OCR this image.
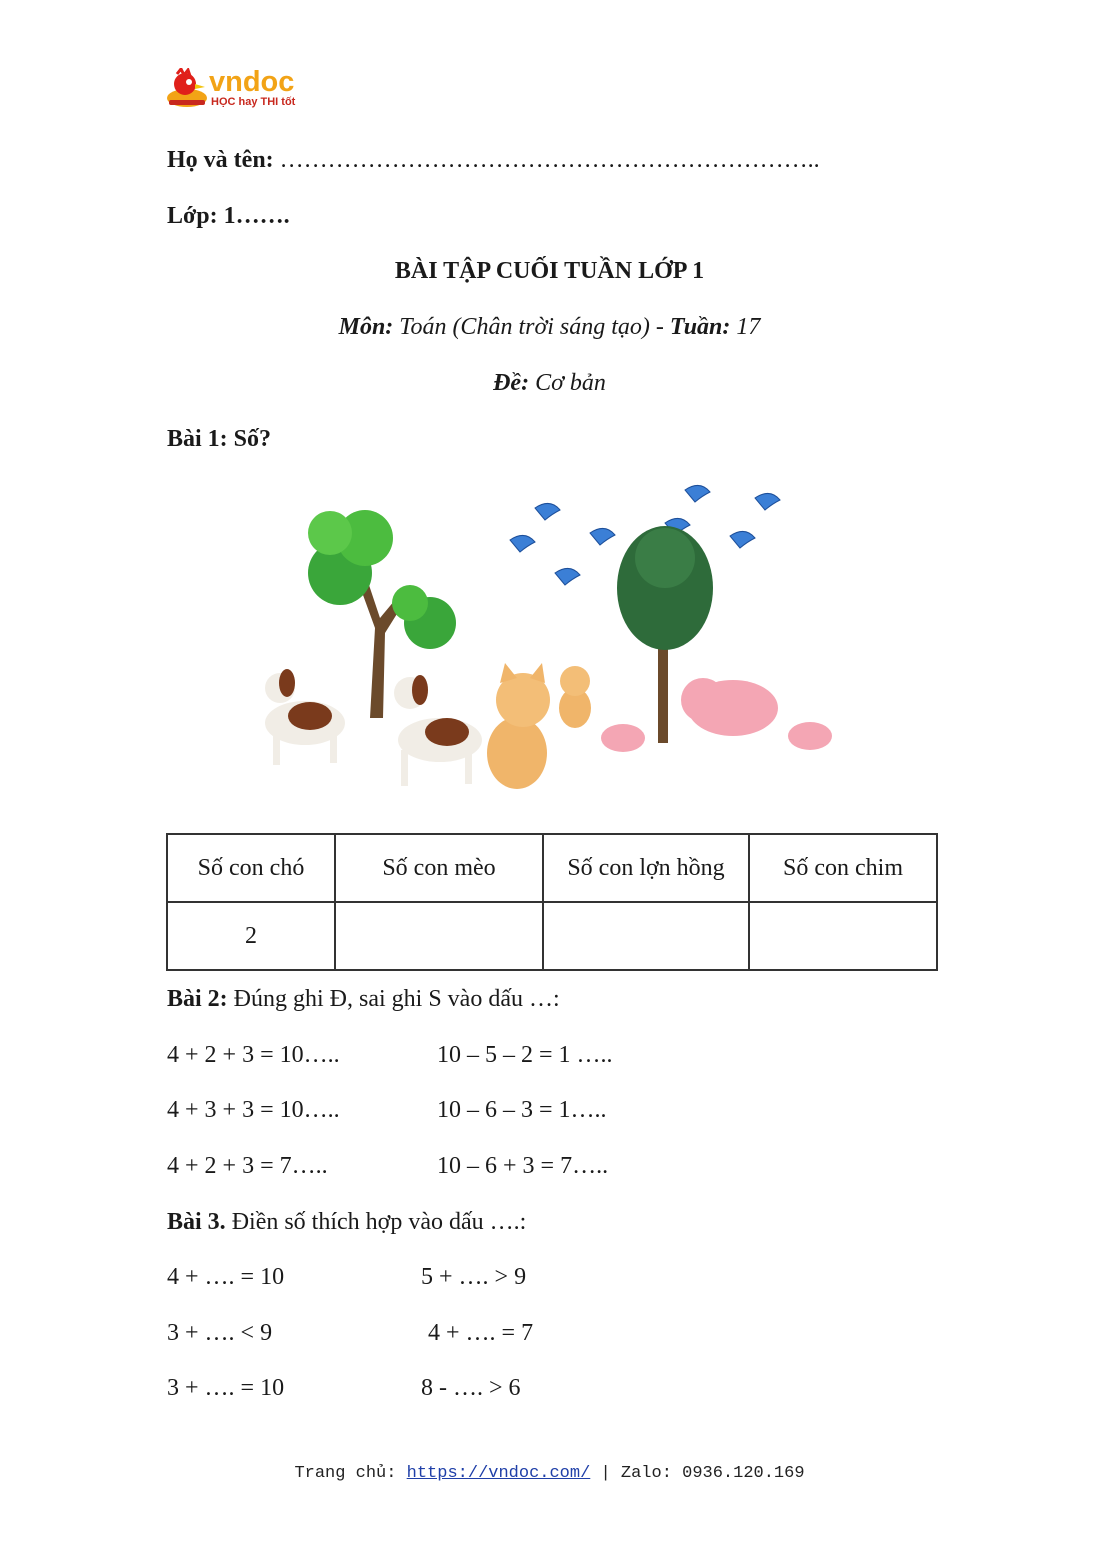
vndoc
HỌC hay THI tốt
Họ và tên: …………………………………………………………..
Lớp: 1…….
BÀI TẬP CUỐI TUẦN LỚP 1
Môn: Toán (Chân trời sáng tạo) - Tuần: 17
Đề: Cơ bản
Bài 1: Số?
Số con chó	Số con mèo	Số con lợn hồng	Số con chim
2			
Bài 2: Đúng ghi Đ, sai ghi S vào dấu …:
4 + 2 + 3 = 10…..	10 – 5 – 2 = 1 …..
4 + 3 + 3 = 10…..	10 – 6 – 3 = 1…..
4 + 2 + 3 = 7…..	10 – 6 + 3 = 7…..
Bài 3. Điền số thích hợp vào dấu ….:
4 + …. = 10	5 + …. > 9
3 + …. < 9	4 + …. = 7
3 + …. = 10	8 - …. > 6
Trang chủ: https://vndoc.com/ | Zalo: 0936.120.169
